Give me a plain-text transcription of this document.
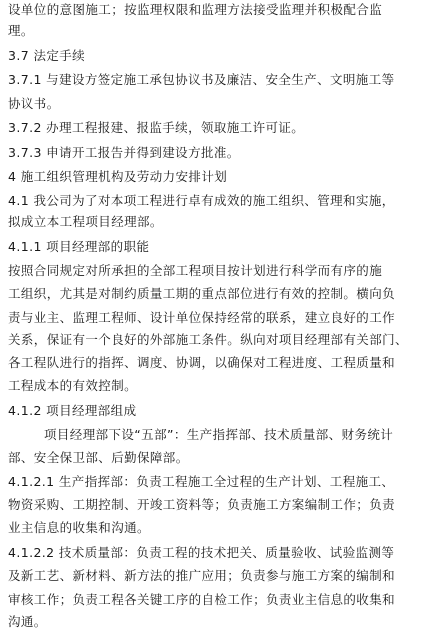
设单位的意图施工；按监理权限和监理方法接受监理并积极配合监
理。
3.7 法定手续
3.7.1 与建设方签定施工承包协议书及廉洁、安全生产、文明施工等
协议书。
3.7.2 办理工程报建、报监手续，领取施工许可证。
3.7.3 申请开工报告并得到建设方批准。
4 施工组织管理机构及劳动力安排计划
4.1 我公司为了对本项工程进行卓有成效的施工组织、管理和实施，
拟成立本工程项目经理部。
4.1.1 项目经理部的职能
按照合同规定对所承担的全部工程项目按计划进行科学而有序的施
工组织，尤其是对制约质量工期的重点部位进行有效的控制。横向负
责与业主、监理工程师、设计单位保持经常的联系，建立良好的工作
关系，保证有一个良好的外部施工条件。纵向对项目经理部有关部门、
各工程队进行的指挥、调度、协调，以确保对工程进度、工程质量和
工程成本的有效控制。
4.1.2 项目经理部组成
项目经理部下设“五部”：生产指挥部、技术质量部、财务统计
部、安全保卫部、后勤保障部。
4.1.2.1 生产指挥部：负责工程施工全过程的生产计划、工程施工、
物资采购、工期控制、开竣工资料等；负责施工方案编制工作；负责
业主信息的收集和沟通。
4.1.2.2 技术质量部：负责工程的技术把关、质量验收、试验监测等
及新工艺、新材料、新方法的推广应用；负责参与施工方案的编制和
审核工作；负责工程各关键工序的自检工作；负责业主信息的收集和
沟通。
